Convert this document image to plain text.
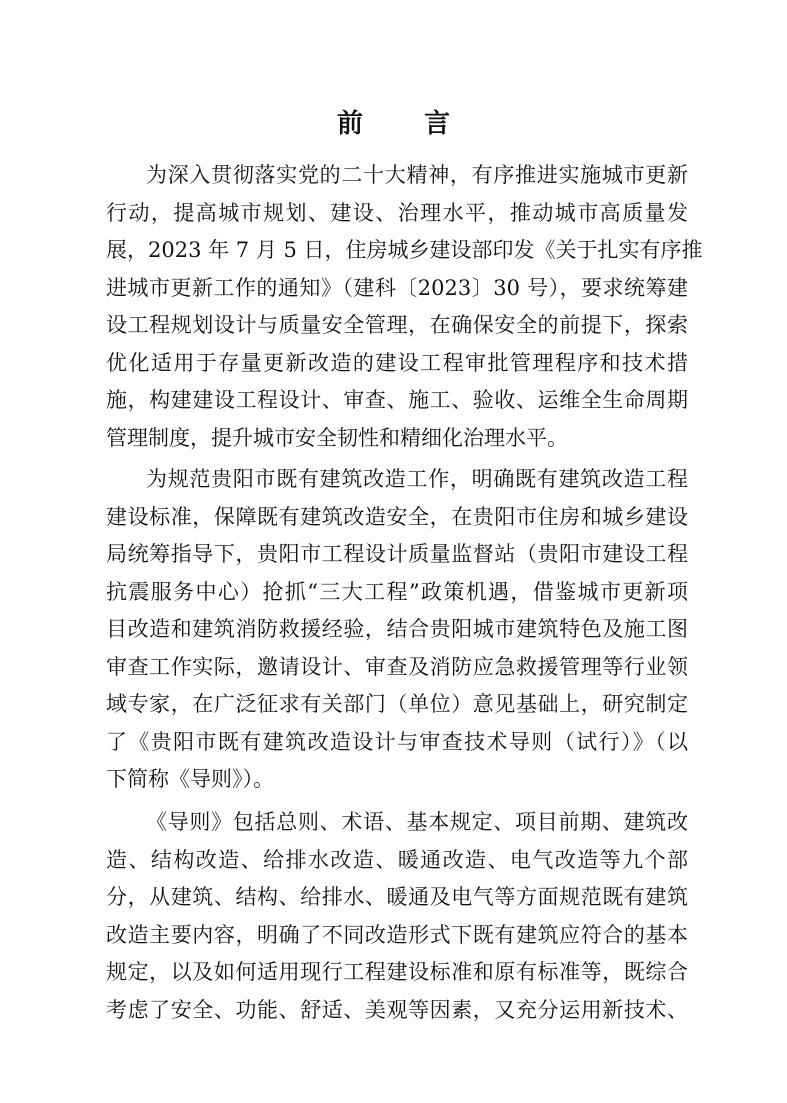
前 言
为深入贯彻落实党的二十大精神，有序推进实施城市更新
行动，提高城市规划、建设、治理水平，推动城市高质量发
展，2023 年 7 月 5 日，住房城乡建设部印发《关于扎实有序推
进城市更新工作的通知》（建科〔2023〕30 号），要求统筹建
设工程规划设计与质量安全管理，在确保安全的前提下，探索
优化适用于存量更新改造的建设工程审批管理程序和技术措
施，构建建设工程设计、审查、施工、验收、运维全生命周期
管理制度，提升城市安全韧性和精细化治理水平。
为规范贵阳市既有建筑改造工作，明确既有建筑改造工程
建设标准，保障既有建筑改造安全，在贵阳市住房和城乡建设
局统筹指导下，贵阳市工程设计质量监督站（贵阳市建设工程
抗震服务中心）抢抓“三大工程”政策机遇，借鉴城市更新项
目改造和建筑消防救援经验，结合贵阳城市建筑特色及施工图
审查工作实际，邀请设计、审查及消防应急救援管理等行业领
域专家，在广泛征求有关部门（单位）意见基础上，研究制定
了《贵阳市既有建筑改造设计与审查技术导则（试行）》（以
下简称《导则》）。
《导则》包括总则、术语、基本规定、项目前期、建筑改
造、结构改造、给排水改造、暖通改造、电气改造等九个部
分，从建筑、结构、给排水、暖通及电气等方面规范既有建筑
改造主要内容，明确了不同改造形式下既有建筑应符合的基本
规定，以及如何适用现行工程建设标准和原有标准等，既综合
考虑了安全、功能、舒适、美观等因素，又充分运用新技术、
